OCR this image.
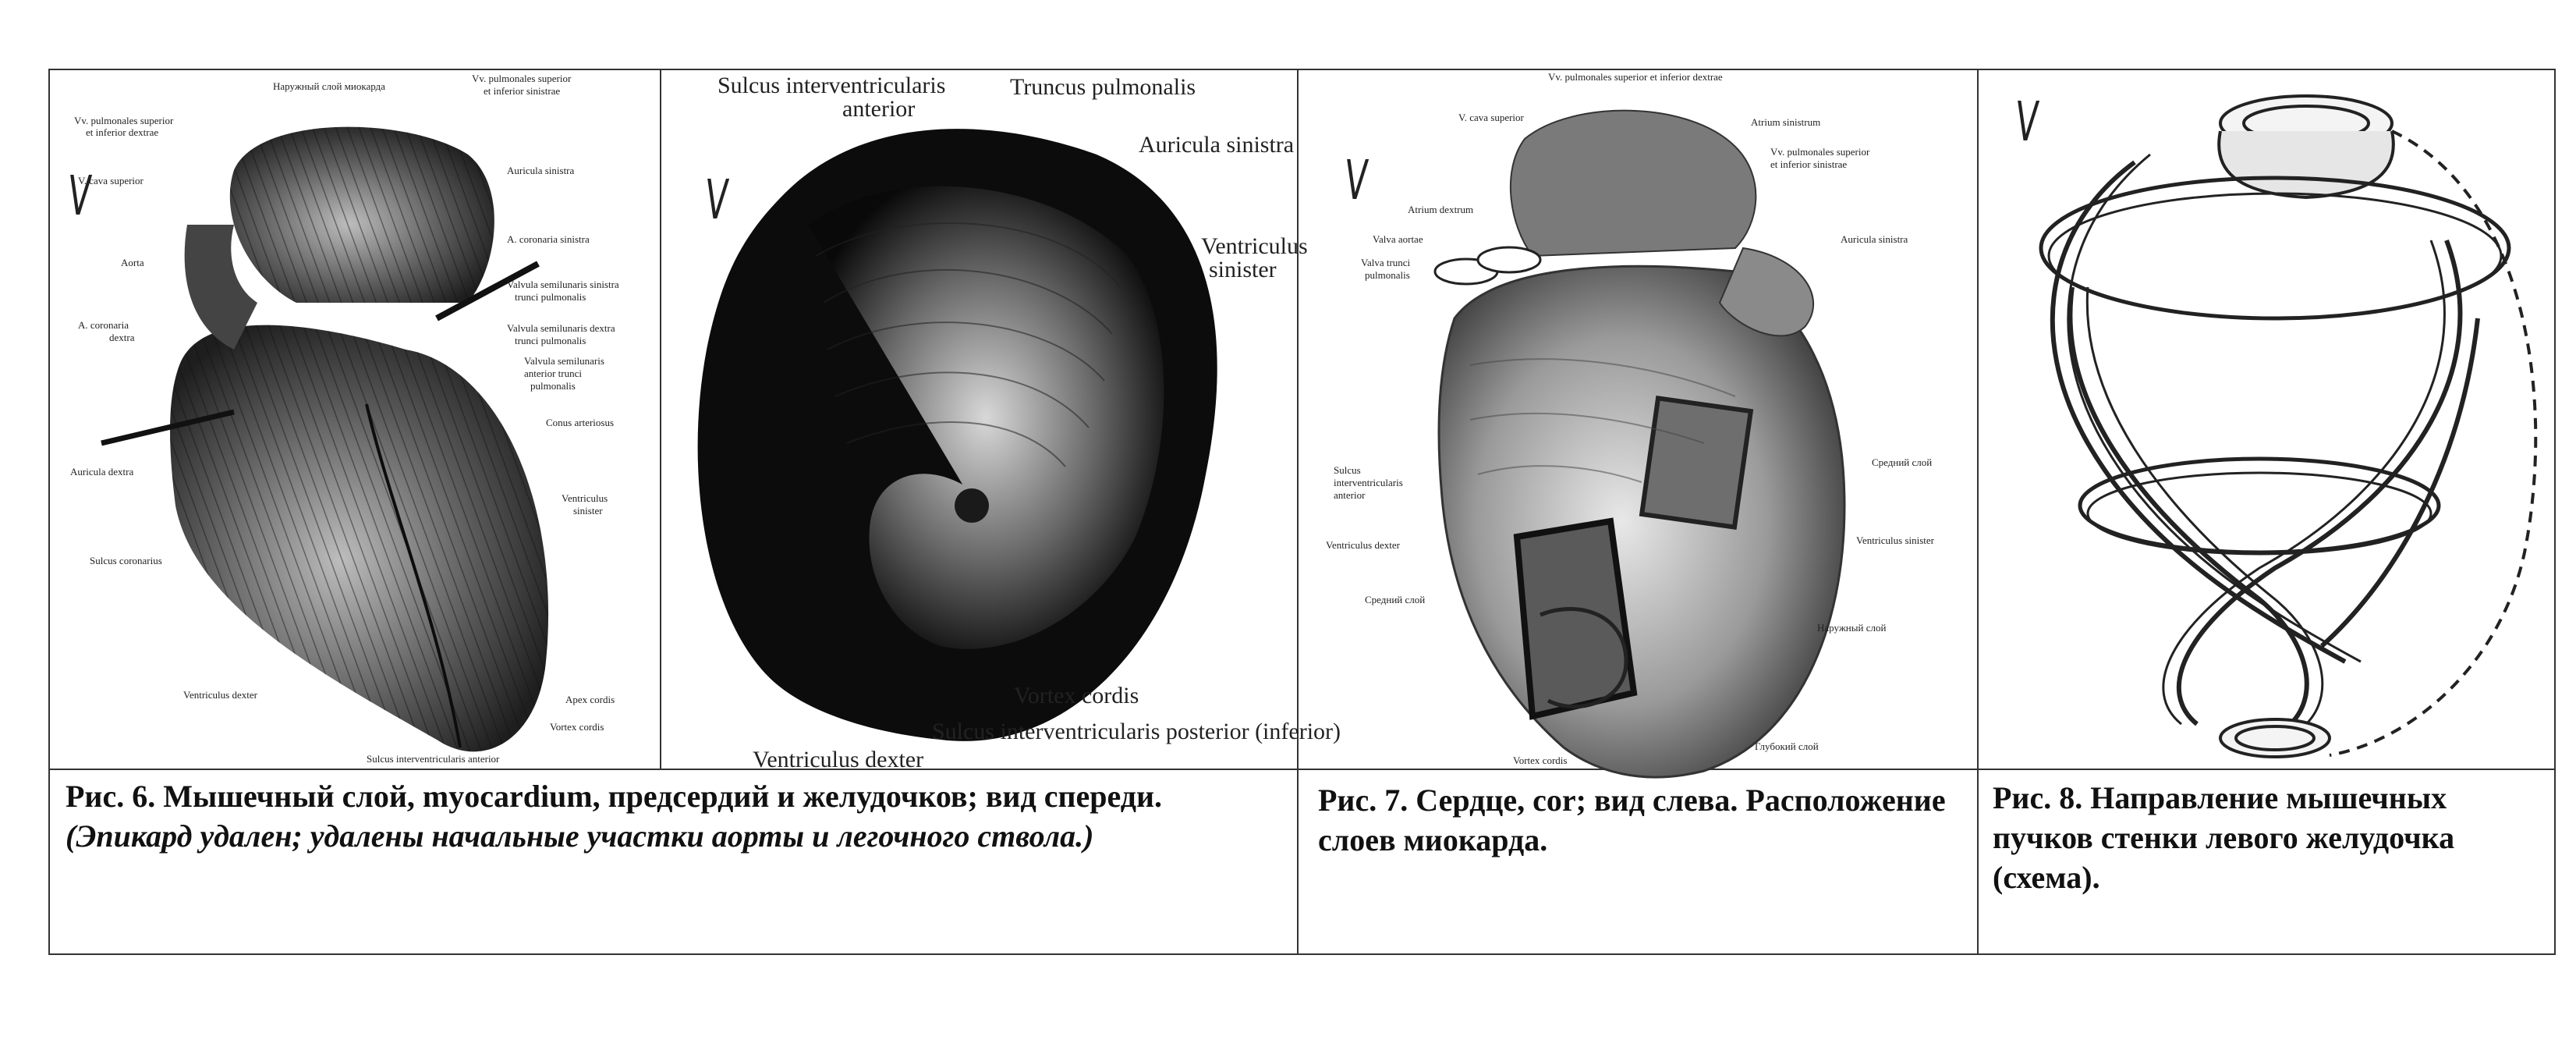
V
Наружный слой миокарда
Vv. pulmonales superior
et inferior sinistrae
Vv. pulmonales superior
et inferior dextrae
V. cava superior
Auricula sinistra
A. coronaria sinistra
Valvula semilunaris sinistra
trunci pulmonalis
Aorta
Valvula semilunaris dextra
trunci pulmonalis
A. coronaria
dextra
Valvula semilunaris
anterior trunci
pulmonalis
Conus arteriosus
Auricula dextra
Ventriculus
sinister
Sulcus coronarius
Ventriculus dexter	Apex cordis
Vortex cordis
Sulcus interventricularis anterior
V
Sulcus interventricularis
anterior
Truncus pulmonalis
Auricula sinistra
Ventriculus
sinister
Vortex cordis
Ventriculus dexter
Sulcus interventricularis posterior (inferior)
V
Vv. pulmonales superior et inferior dextrae
V. cava superior	Atrium sinistrum
Vv. pulmonales superior
et inferior sinistrae
Atrium dextrum
Auricula sinistra
Valva aortae
Valva trunci
pulmonalis
Sulcus
interventricularis
anterior
Средний слой
Ventriculus dexter	Ventriculus sinister
Средний слой
Наружный слой
Глубокий слой
Vortex cordis
V
Рис. 6. Мышечный слой, myocardium, предсердий и желудочков; вид спереди. (Эпикард удален; удалены начальные участки аорты и легочного ствола.)
Рис. 7. Сердце, cor; вид слева. Расположение слоев миокарда.
Рис. 8. Направление мышечных пучков стенки левого желудочка (схема).
